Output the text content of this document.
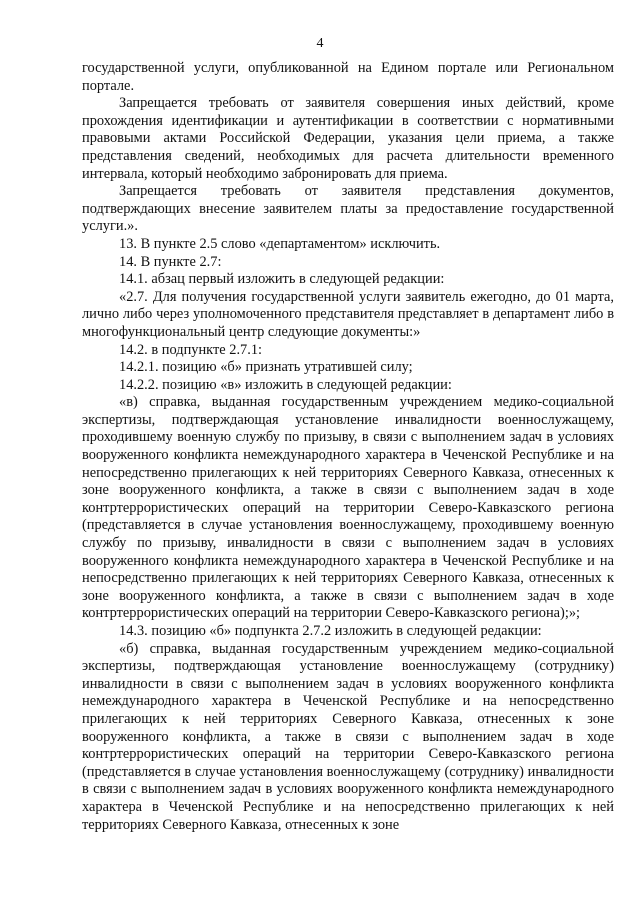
4

государственной услуги, опубликованной на Едином портале или Региональном портале.

Запрещается требовать от заявителя совершения иных действий, кроме прохождения идентификации и аутентификации в соответствии с нормативными правовыми актами Российской Федерации, указания цели приема, а также представления сведений, необходимых для расчета длительности временного интервала, который необходимо забронировать для приема.

Запрещается требовать от заявителя представления документов, подтверждающих внесение заявителем платы за предоставление государственной услуги.».

13. В пункте 2.5 слово «департаментом» исключить.

14. В пункте 2.7:

14.1. абзац первый изложить в следующей редакции:

«2.7. Для получения государственной услуги заявитель ежегодно, до 01 марта, лично либо через уполномоченного представителя представляет в департамент либо в многофункциональный центр следующие документы:»

14.2. в подпункте 2.7.1:

14.2.1. позицию «б» признать утратившей силу;

14.2.2. позицию «в» изложить в следующей редакции:

«в) справка, выданная государственным учреждением медико-социальной экспертизы, подтверждающая установление инвалидности военнослужащему, проходившему военную службу по призыву, в связи с выполнением задач в условиях вооруженного конфликта немеждународного характера в Чеченской Республике и на непосредственно прилегающих к ней территориях Северного Кавказа, отнесенных к зоне вооруженного конфликта, а также в связи с выполнением задач в ходе контртеррористических операций на территории Северо-Кавказского региона (представляется в случае установления военнослужащему, проходившему военную службу по призыву, инвалидности в связи с выполнением задач в условиях вооруженного конфликта немеждународного характера в Чеченской Республике и на непосредственно прилегающих к ней территориях Северного Кавказа, отнесенных к зоне вооруженного конфликта, а также в связи с выполнением задач в ходе контртеррористических операций на территории Северо-Кавказского региона);»;

14.3. позицию «б» подпункта 2.7.2 изложить в следующей редакции:

«б) справка, выданная государственным учреждением медико-социальной экспертизы, подтверждающая установление военнослужащему (сотруднику) инвалидности в связи с выполнением задач в условиях вооруженного конфликта немеждународного характера в Чеченской Республике и на непосредственно прилегающих к ней территориях Северного Кавказа, отнесенных к зоне вооруженного конфликта, а также в связи с выполнением задач в ходе контртеррористических операций на территории Северо-Кавказского региона (представляется в случае установления военнослужащему (сотруднику) инвалидности в связи с выполнением задач в условиях вооруженного конфликта немеждународного характера в Чеченской Республике и на непосредственно прилегающих к ней территориях Северного Кавказа, отнесенных к зоне
